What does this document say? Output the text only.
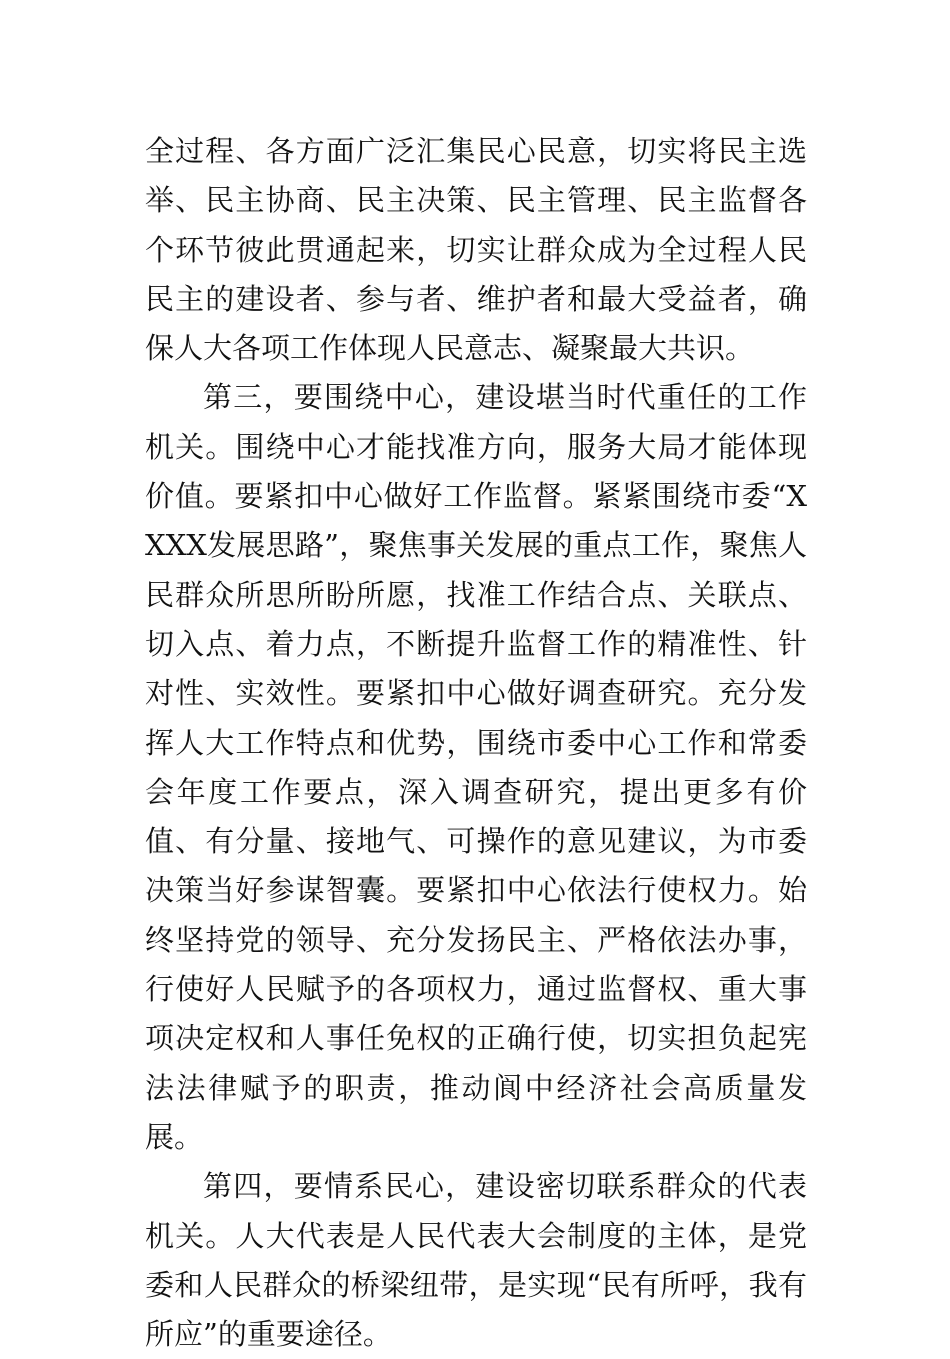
全过程、各方面广泛汇集民心民意，切实将民主选举、民主协商、民主决策、民主管理、民主监督各个环节彼此贯通起来，切实让群众成为全过程人民民主的建设者、参与者、维护者和最大受益者，确保人大各项工作体现人民意志、凝聚最大共识。

第三，要围绕中心，建设堪当时代重任的工作机关。围绕中心才能找准方向，服务大局才能体现价值。要紧扣中心做好工作监督。紧紧围绕市委“XXXX发展思路”，聚焦事关发展的重点工作，聚焦人民群众所思所盼所愿，找准工作结合点、关联点、切入点、着力点，不断提升监督工作的精准性、针对性、实效性。要紧扣中心做好调查研究。充分发挥人大工作特点和优势，围绕市委中心工作和常委会年度工作要点，深入调查研究，提出更多有价值、有分量、接地气、可操作的意见建议，为市委决策当好参谋智囊。要紧扣中心依法行使权力。始终坚持党的领导、充分发扬民主、严格依法办事，行使好人民赋予的各项权力，通过监督权、重大事项决定权和人事任免权的正确行使，切实担负起宪法法律赋予的职责，推动阆中经济社会高质量发展。

第四，要情系民心，建设密切联系群众的代表机关。人大代表是人民代表大会制度的主体，是党委和人民群众的桥梁纽带，是实现“民有所呼，我有所应”的重要途径。
